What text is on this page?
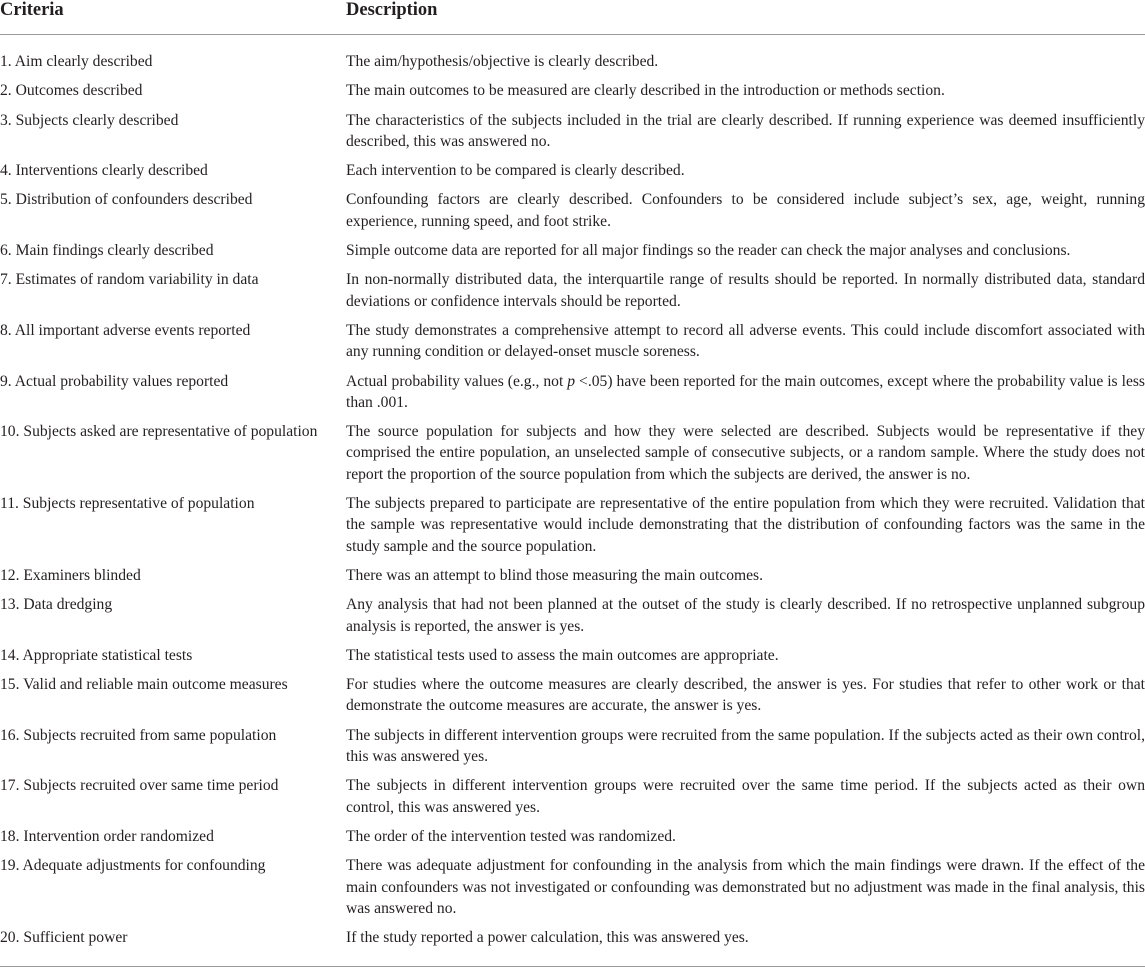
Criteria	Description
1. Aim clearly described	The aim/hypothesis/objective is clearly described.
2. Outcomes described	The main outcomes to be measured are clearly described in the introduction or methods section.
3. Subjects clearly described	The characteristics of the subjects included in the trial are clearly described. If running experience was deemed insufficiently described, this was answered no.
4. Interventions clearly described	Each intervention to be compared is clearly described.
5. Distribution of confounders described	Confounding factors are clearly described. Confounders to be considered include subject’s sex, age, weight, running experience, running speed, and foot strike.
6. Main findings clearly described	Simple outcome data are reported for all major findings so the reader can check the major analyses and conclusions.
7. Estimates of random variability in data	In non-normally distributed data, the interquartile range of results should be reported. In normally distributed data, standard deviations or confidence intervals should be reported.
8. All important adverse events reported	The study demonstrates a comprehensive attempt to record all adverse events. This could include discomfort associated with any running condition or delayed-onset muscle soreness.
9. Actual probability values reported	Actual probability values (e.g., not p <.05) have been reported for the main outcomes, except where the probability value is less than .001.
10. Subjects asked are representative of population	The source population for subjects and how they were selected are described. Subjects would be representative if they comprised the entire population, an unselected sample of consecutive subjects, or a random sample. Where the study does not report the proportion of the source population from which the subjects are derived, the answer is no.
11. Subjects representative of population	The subjects prepared to participate are representative of the entire population from which they were recruited. Validation that the sample was representative would include demonstrating that the distribution of confounding factors was the same in the study sample and the source population.
12. Examiners blinded	There was an attempt to blind those measuring the main outcomes.
13. Data dredging	Any analysis that had not been planned at the outset of the study is clearly described. If no retrospective unplanned subgroup analysis is reported, the answer is yes.
14. Appropriate statistical tests	The statistical tests used to assess the main outcomes are appropriate.
15. Valid and reliable main outcome measures	For studies where the outcome measures are clearly described, the answer is yes. For studies that refer to other work or that demonstrate the outcome measures are accurate, the answer is yes.
16. Subjects recruited from same population	The subjects in different intervention groups were recruited from the same population. If the subjects acted as their own control, this was answered yes.
17. Subjects recruited over same time period	The subjects in different intervention groups were recruited over the same time period. If the subjects acted as their own control, this was answered yes.
18. Intervention order randomized	The order of the intervention tested was randomized.
19. Adequate adjustments for confounding	There was adequate adjustment for confounding in the analysis from which the main findings were drawn. If the effect of the main confounders was not investigated or confounding was demonstrated but no adjustment was made in the final analysis, this was answered no.
20. Sufficient power	If the study reported a power calculation, this was answered yes.
